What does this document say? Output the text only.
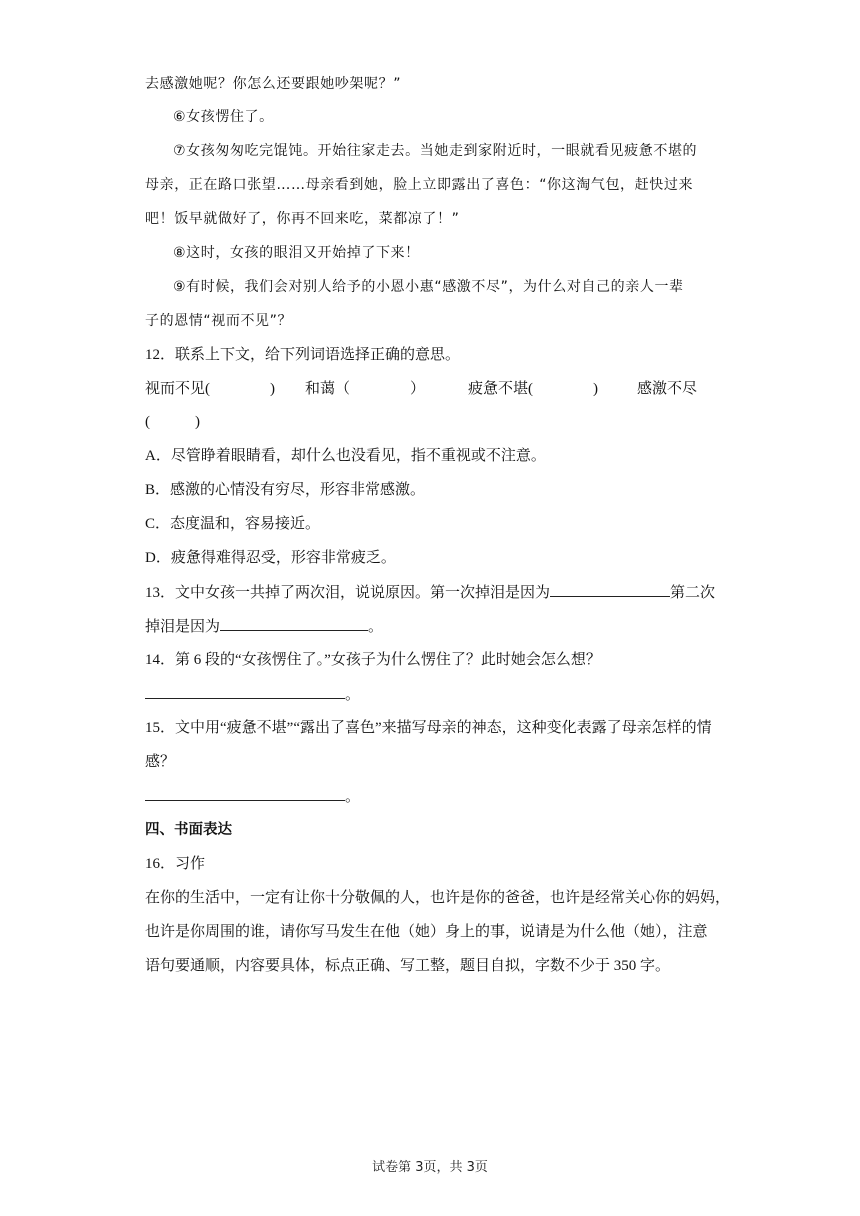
去感激她呢？你怎么还要跟她吵架呢？”
⑥女孩愣住了。
⑦女孩匆匆吃完馄饨。开始往家走去。当她走到家附近时，一眼就看见疲惫不堪的
母亲，正在路口张望……母亲看到她，脸上立即露出了喜色：“你这淘气包，赶快过来
吧！饭早就做好了，你再不回来吃，菜都凉了！”
⑧这时，女孩的眼泪又开始掉了下来！
⑨有时候，我们会对别人给予的小恩小惠“感激不尽”，为什么对自己的亲人一辈
子的恩情“视而不见”？
12．联系上下文，给下列词语选择正确的意思。
视而不见(　　　　) 和蔼（　　　　）	疲惫不堪(　　　　)	感激不尽
(　　　)
A．尽管睁着眼睛看，却什么也没看见，指不重视或不注意。
B．感激的心情没有穷尽，形容非常感激。
C．态度温和，容易接近。
D．疲惫得难得忍受，形容非常疲乏。
13．文中女孩一共掉了两次泪，说说原因。第一次掉泪是因为	第二次
掉泪是因为	。
14．第 6 段的“女孩愣住了。”女孩子为什么愣住了？此时她会怎么想？
。
15．文中用“疲惫不堪”“露出了喜色”来描写母亲的神态，这种变化表露了母亲怎样的情
感？
。
四、书面表达
16．习作
在你的生活中，一定有让你十分敬佩的人，也许是你的爸爸，也许是经常关心你的妈妈，
也许是你周围的谁，请你写马发生在他（她）身上的事，说请是为什么他（她），注意
语句要通顺，内容要具体，标点正确、写工整，题目自拟，字数不少于 350 字。
试卷第 3页，共 3页
